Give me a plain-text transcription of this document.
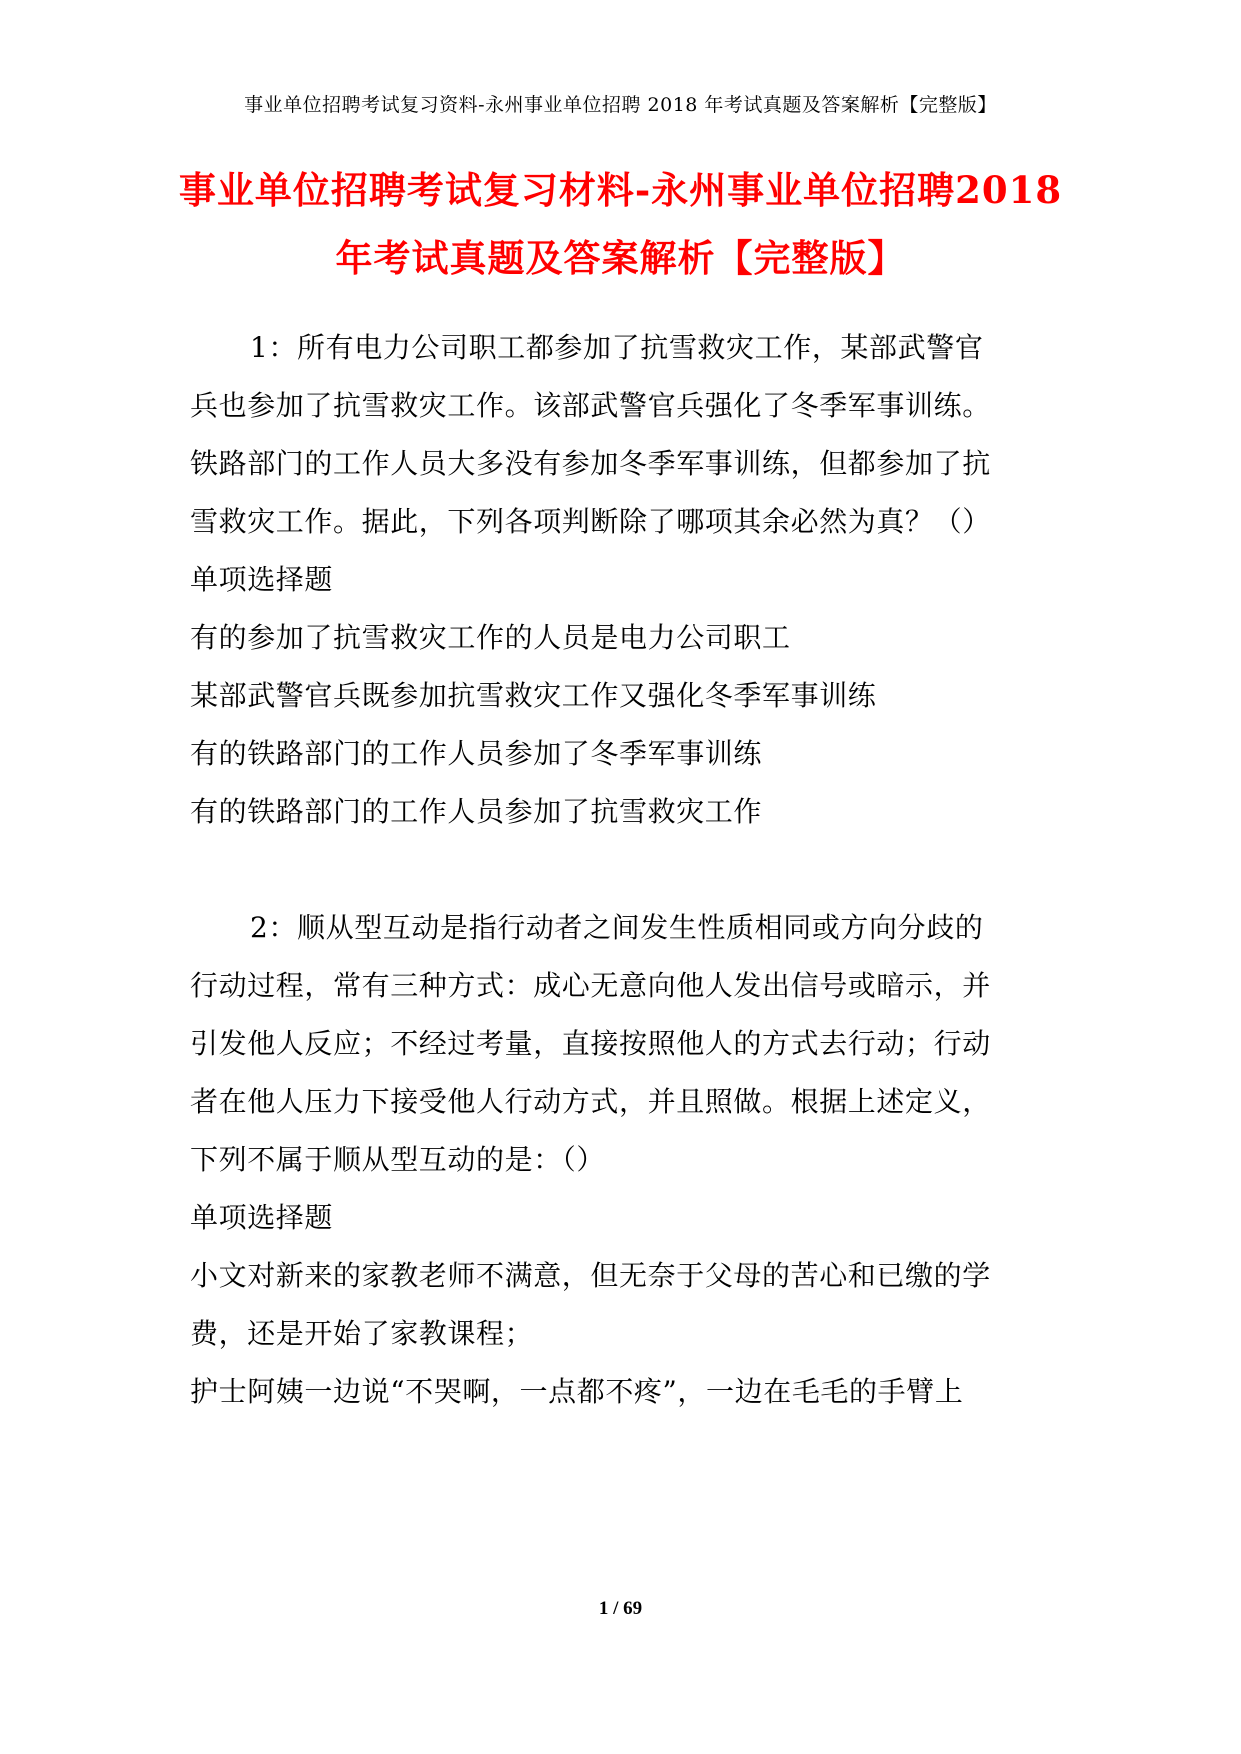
事业单位招聘考试复习资料-永州事业单位招聘 2018 年考试真题及答案解析【完整版】
事业单位招聘考试复习材料-永州事业单位招聘2018
年考试真题及答案解析【完整版】
1：所有电力公司职工都参加了抗雪救灾工作，某部武警官
兵也参加了抗雪救灾工作。该部武警官兵强化了冬季军事训练。
铁路部门的工作人员大多没有参加冬季军事训练，但都参加了抗
雪救灾工作。据此，下列各项判断除了哪项其余必然为真？（）
单项选择题
有的参加了抗雪救灾工作的人员是电力公司职工
某部武警官兵既参加抗雪救灾工作又强化冬季军事训练
有的铁路部门的工作人员参加了冬季军事训练
有的铁路部门的工作人员参加了抗雪救灾工作
2：顺从型互动是指行动者之间发生性质相同或方向分歧的
行动过程，常有三种方式：成心无意向他人发出信号或暗示，并
引发他人反应；不经过考量，直接按照他人的方式去行动；行动
者在他人压力下接受他人行动方式，并且照做。根据上述定义，
下列不属于顺从型互动的是：（）
单项选择题
小文对新来的家教老师不满意，但无奈于父母的苦心和已缴的学
费，还是开始了家教课程；
护士阿姨一边说“不哭啊，一点都不疼”，一边在毛毛的手臂上
1 / 69
